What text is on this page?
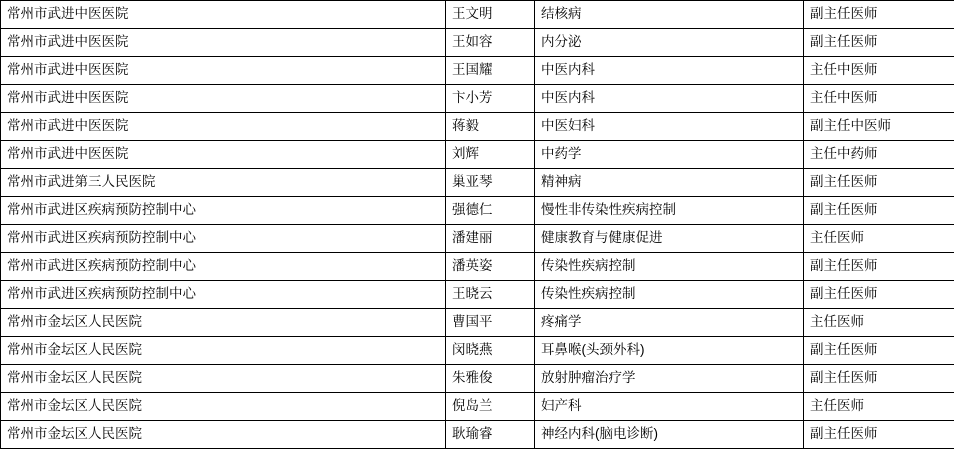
常州市武进中医医院	王文明	结核病	副主任医师
常州市武进中医医院	王如容	内分泌	副主任医师
常州市武进中医医院	王国耀	中医内科	主任中医师
常州市武进中医医院	卞小芳	中医内科	主任中医师
常州市武进中医医院	蒋毅	中医妇科	副主任中医师
常州市武进中医医院	刘辉	中药学	主任中药师
常州市武进第三人民医院	巢亚琴	精神病	副主任医师
常州市武进区疾病预防控制中心	强德仁	慢性非传染性疾病控制	副主任医师
常州市武进区疾病预防控制中心	潘建丽	健康教育与健康促进	主任医师
常州市武进区疾病预防控制中心	潘英姿	传染性疾病控制	副主任医师
常州市武进区疾病预防控制中心	王晓云	传染性疾病控制	副主任医师
常州市金坛区人民医院	曹国平	疼痛学	主任医师
常州市金坛区人民医院	闵晓燕	耳鼻喉(头颈外科)	副主任医师
常州市金坛区人民医院	朱雅俊	放射肿瘤治疗学	副主任医师
常州市金坛区人民医院	倪岛兰	妇产科	主任医师
常州市金坛区人民医院	耿瑜睿	神经内科(脑电诊断)	副主任医师
